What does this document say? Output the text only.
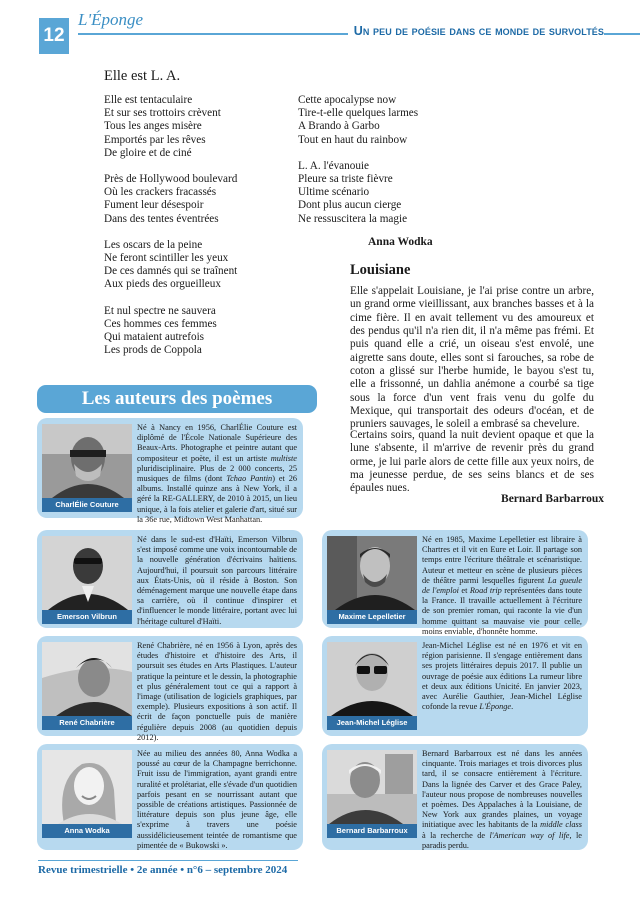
12
L'Éponge
Un peu de poésie dans ce monde de survoltés
Elle est L. A.
Elle est tentaculaire
Et sur ses trottoirs crèvent
Tous les anges misère
Emportés par les rêves
De gloire et de ciné
Près de Hollywood boulevard
Où les crackers fracassés
Fument leur désespoir
Dans des tentes éventrées
Les oscars de la peine
Ne feront scintiller les yeux
De ces damnés qui se traînent
Aux pieds des orgueilleux
Et nul spectre ne sauvera
Ces hommes ces femmes
Qui mataient autrefois
Les prods de Coppola
Cette apocalypse now
Tire-t-elle quelques larmes
A Brando à Garbo
Tout en haut du rainbow
L. A. l'évanouie
Pleure sa triste fièvre
Ultime scénario
Dont plus aucun cierge
Ne ressuscitera la magie
Anna Wodka
Louisiane
Elle s'appelait Louisiane, je l'ai prise contre un arbre, un grand orme vieillissant, aux branches basses et à la cime fière. Il en avait tellement vu des amoureux et des pendus qu'il n'a rien dit, il n'a même pas frémi. Et puis quand elle a crié, un oiseau s'est envolé, une aigrette sans doute, elles sont si farouches, sa robe de coton a glissé sur l'herbe humide, le bayou s'est tu, elle a frissonné, un dahlia anémone a courbé sa tige sous la force d'un vent frais venu du golfe du Mexique, qui transportait des odeurs d'océan, et de pruniers sauvages, le soleil a embrasé sa chevelure.
Certains soirs, quand la nuit devient opaque et que la lune s'absente, il m'arrive de revenir près du grand orme, je lui parle alors de cette fille aux yeux noirs, de ma jeunesse perdue, de ses seins blancs et de ses épaules nues.
Bernard Barbarroux
Les auteurs des poèmes
CharlÉlie Couture
Né à Nancy en 1956, CharlÉlie Couture est diplômé de l'École Nationale Supérieure des Beaux-Arts. Photographe et peintre autant que compositeur et poète, il est un artiste multiste pluridisciplinaire. Plus de 2 000 concerts, 25 musiques de films (dont Tchao Pantin) et 26 albums. Installé quinze ans à New York, il a géré la RE-GALLERY, de 2010 à 2015, un lieu unique, à la fois atelier et galerie d'art, situé sur la 36e rue, Midtown West Manhattan.
Emerson Vilbrun
Né dans le sud-est d'Haïti, Emerson Vilbrun s'est imposé comme une voix incontournable de la nouvelle génération d'écrivains haïtiens. Aujourd'hui, il poursuit son parcours littéraire aux États-Unis, où il réside à Boston. Son déménagement marque une nouvelle étape dans sa carrière, où il continue d'inspirer et d'influencer le monde littéraire, portant avec lui l'héritage culturel d'Haïti.
Maxime Lepelletier
Né en 1985, Maxime Lepelletier est libraire à Chartres et il vit en Eure et Loir. Il partage son temps entre l'écriture théâtrale et scénaristique. Auteur et metteur en scène de plusieurs pièces de théâtre parmi lesquelles figurent La gueule de l'emploi et Road trip représentées dans toute la France. Il travaille actuellement à l'écriture de son premier roman, qui raconte la vie d'un homme quittant sa mauvaise vie pour celle, moins enviable, d'honnête homme.
René Chabrière
René Chabrière, né en 1956 à Lyon, après des études d'histoire et d'histoire des Arts, il poursuit ses études en Arts Plastiques. L'auteur pratique la peinture et le dessin, la photographie et plus généralement tout ce qui a rapport à l'image (utilisation de logiciels graphiques, par exemple). Plusieurs expositions à son actif. Il écrit de façon ponctuelle puis de manière régulière depuis 2008 (au quotidien depuis 2012).
Jean-Michel Léglise
Jean-Michel Léglise est né en 1976 et vit en région parisienne. Il s'engage entièrement dans ses projets littéraires depuis 2017. Il publie un ouvrage de poésie aux éditions La rumeur libre et deux aux éditions Unicité. En janvier 2023, avec Aurélie Gauthier, Jean-Michel Léglise cofonde la revue L'Éponge.
Anna Wodka
Née au milieu des années 80, Anna Wodka a poussé au cœur de la Champagne berrichonne. Fruit issu de l'immigration, ayant grandi entre ruralité et prolétariat, elle s'évade d'un quotidien parfois pesant en se nourrissant autant que possible de créations artistiques. Passionnée de littérature depuis son plus jeune âge, elle s'exprime à travers une poésie aussidélicieusement teintée de romantisme que pimentée de « Bukowski ».
Bernard Barbarroux
Bernard Barbarroux est né dans les années cinquante. Trois mariages et trois divorces plus tard, il se consacre entièrement à l'écriture. Dans la lignée des Carver et des Grace Paley, l'auteur nous propose de nombreuses nouvelles et poèmes. Des Appalaches à la Louisiane, de New York aux grandes plaines, un voyage initiatique avec les habitants de la middle class à la recherche de l'American way of life, le paradis perdu.
Revue trimestrielle • 2e année • n°6 – septembre 2024
